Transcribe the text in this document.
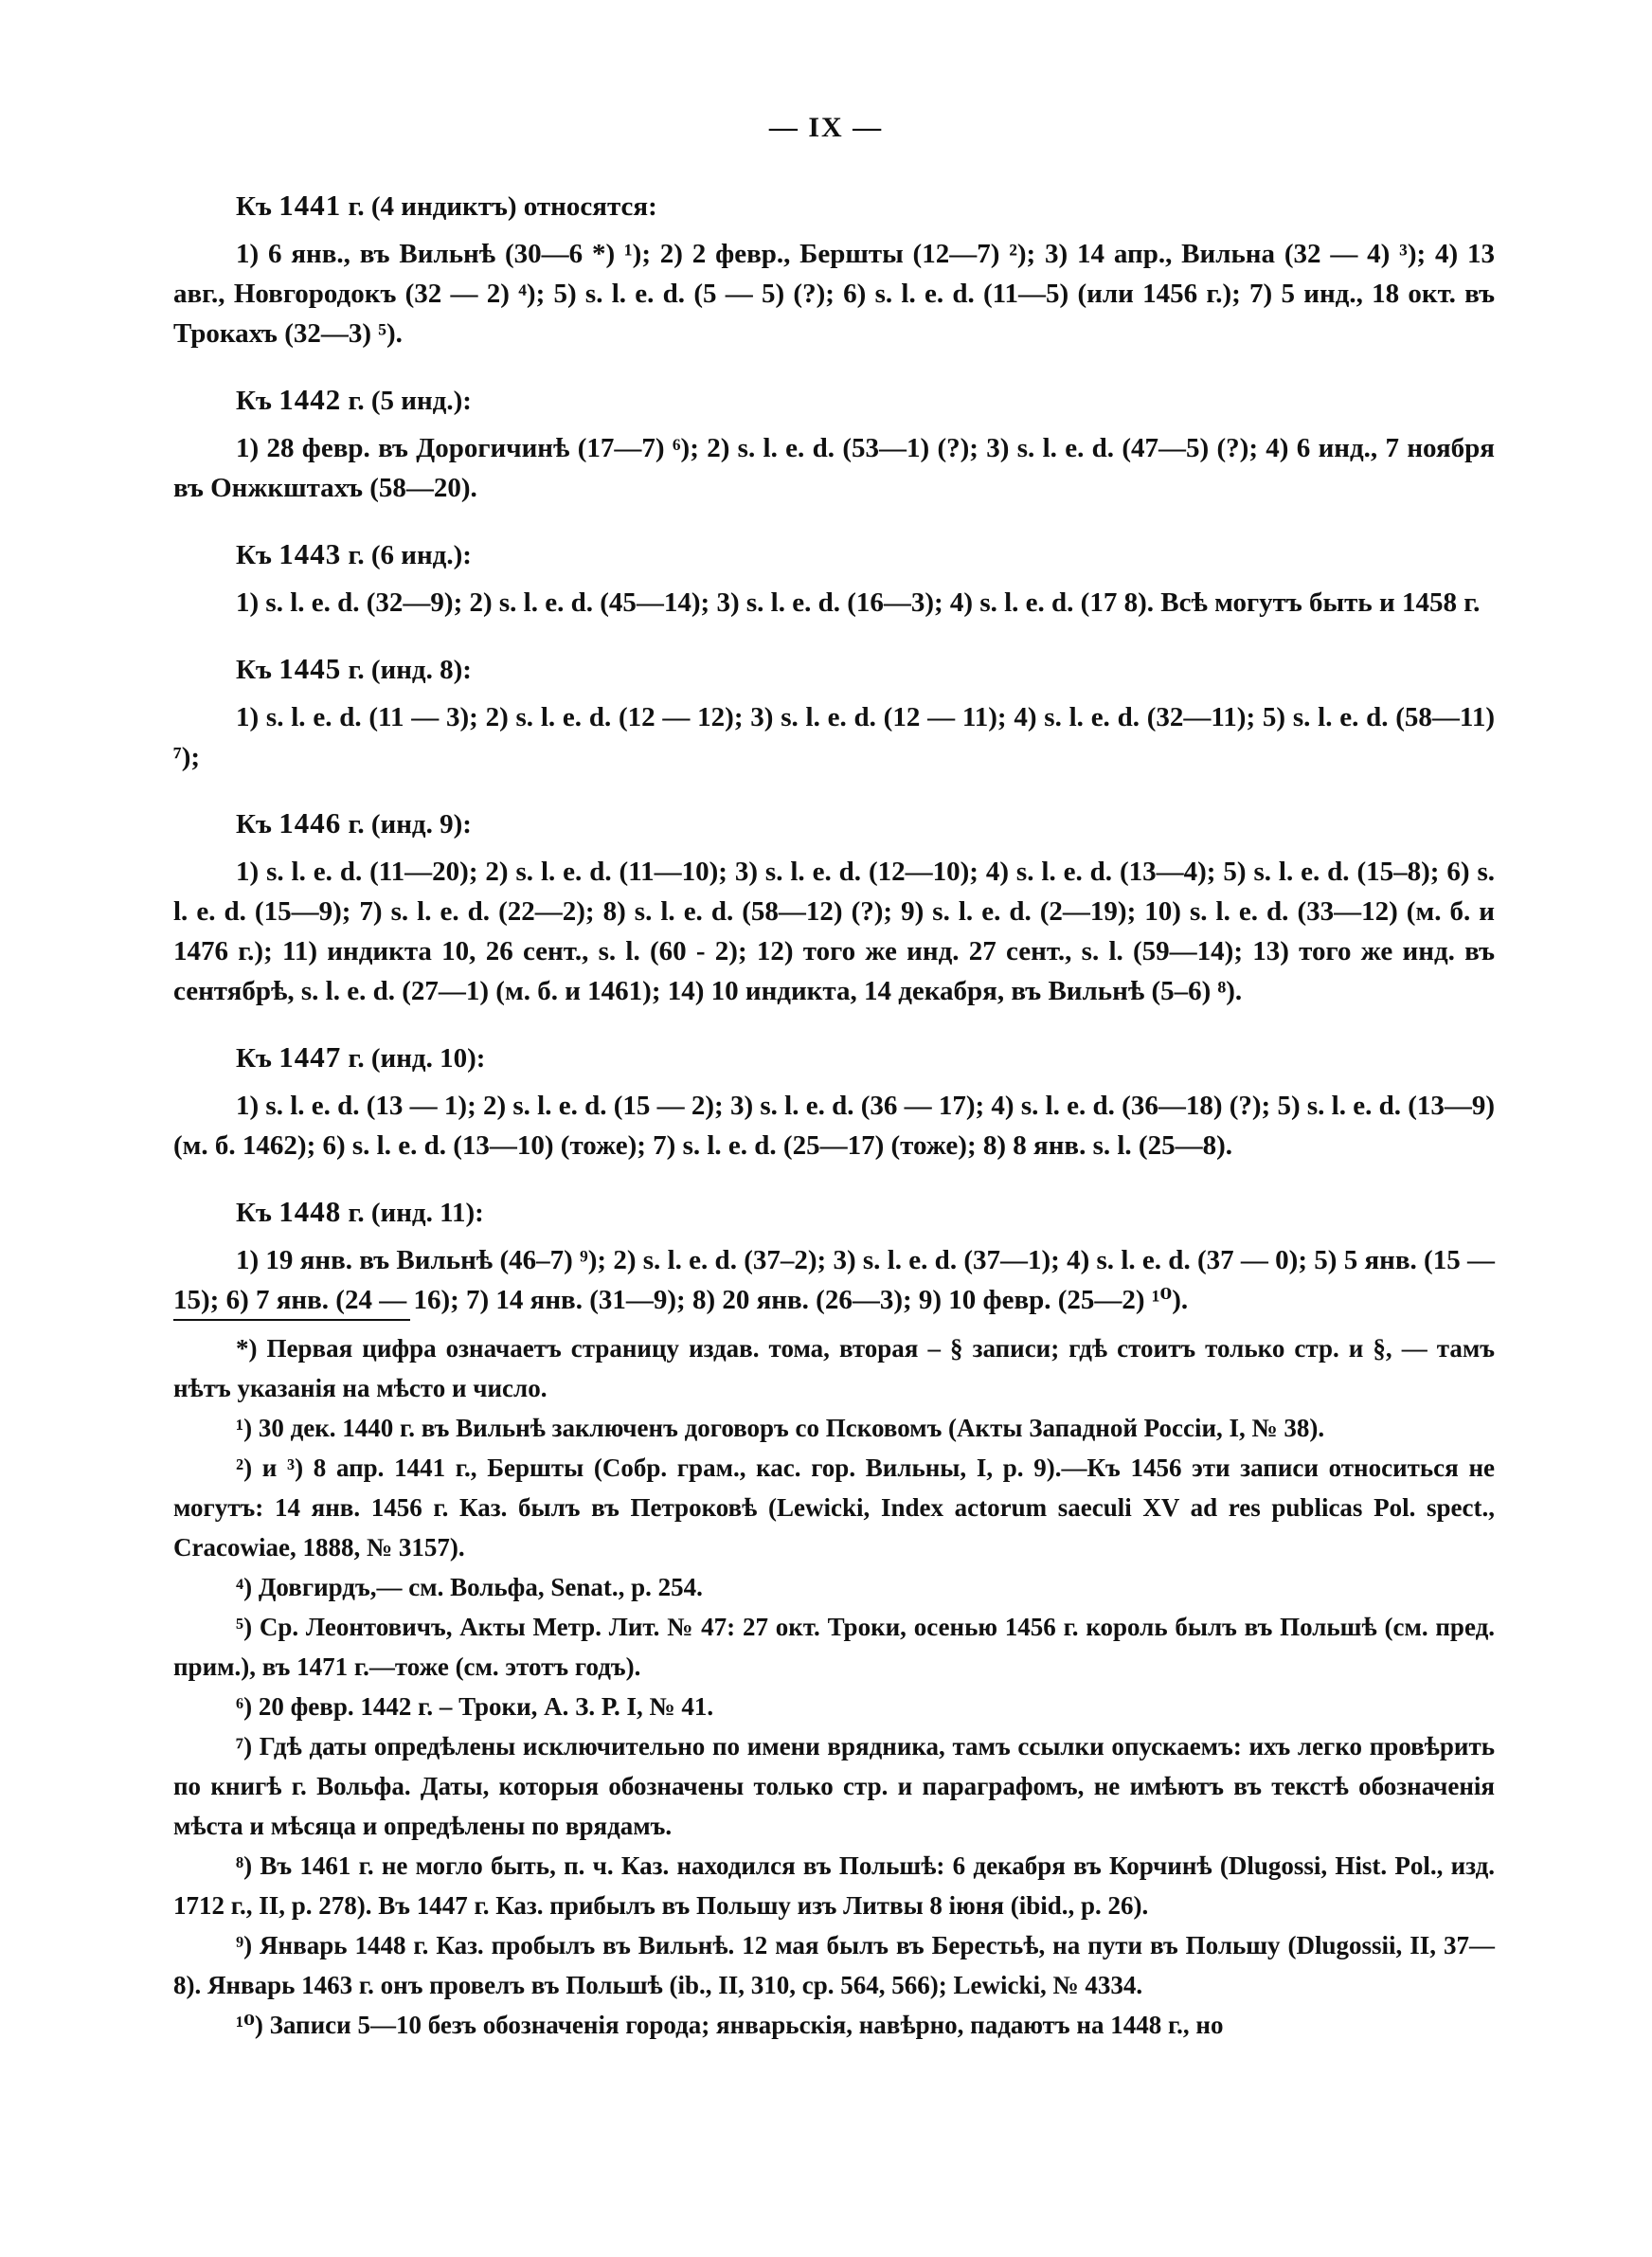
— IX —
Къ 1441 г. (4 индиктъ) относятся:

1) 6 янв., въ Вильнѣ (30—6 *) ¹); 2) 2 февр., Бершты (12—7) ²); 3) 14 апр., Вильна (32 — 4) ³); 4) 13 авг., Новгородокъ (32 — 2) ⁴); 5) s. l. e. d. (5 — 5) (?); 6) s. l. e. d. (11—5) (или 1456 г.); 7) 5 инд., 18 окт. въ Трокахъ (32—3) ⁵).

Къ 1442 г. (5 инд.):

1) 28 февр. въ Дорогичинѣ (17—7) ⁶); 2) s. l. e. d. (53—1) (?); 3) s. l. e. d. (47—5) (?); 4) 6 инд., 7 ноября въ Онжкштахъ (58—20).

Къ 1443 г. (6 инд.):

1) s. l. e. d. (32—9); 2) s. l. e. d. (45—14); 3) s. l. e. d. (16—3); 4) s. l. e. d. (17 8). Всѣ могутъ быть и 1458 г.

Къ 1445 г. (инд. 8):

1) s. l. e. d. (11 — 3); 2) s. l. e. d. (12 — 12); 3) s. l. e. d. (12 — 11); 4) s. l. e. d. (32—11); 5) s. l. e. d. (58—11) ⁷);

Къ 1446 г. (инд. 9):

1) s. l. e. d. (11—20); 2) s. l. e. d. (11—10); 3) s. l. e. d. (12—10); 4) s. l. e. d. (13—4); 5) s. l. e. d. (15–8); 6) s. l. e. d. (15—9); 7) s. l. e. d. (22—2); 8) s. l. e. d. (58—12) (?); 9) s. l. e. d. (2—19); 10) s. l. e. d. (33—12) (м. б. и 1476 г.); 11) индикта 10, 26 сент., s. l. (60 - 2); 12) того же инд. 27 сент., s. l. (59—14); 13) того же инд. въ сентябрѣ, s. l. e. d. (27—1) (м. б. и 1461); 14) 10 индикта, 14 декабря, въ Вильнѣ (5–6) ⁸).

Къ 1447 г. (инд. 10):

1) s. l. e. d. (13 — 1); 2) s. l. e. d. (15 — 2); 3) s. l. e. d. (36 — 17); 4) s. l. e. d. (36—18) (?); 5) s. l. e. d. (13—9) (м. б. 1462); 6) s. l. e. d. (13—10) (тоже); 7) s. l. e. d. (25—17) (тоже); 8) 8 янв. s. l. (25—8).

Къ 1448 г. (инд. 11):

1) 19 янв. въ Вильнѣ (46–7) ⁹); 2) s. l. e. d. (37–2); 3) s. l. e. d. (37—1); 4) s. l. e. d. (37 — 0); 5) 5 янв. (15 — 15); 6) 7 янв. (24 — 16); 7) 14 янв. (31—9); 8) 20 янв. (26—3); 9) 10 февр. (25—2) ¹⁰).

*) Первая цифра означаетъ страницу издав. тома, вторая – § записи; гдѣ стоитъ только стр. и §, — тамъ нѣтъ указанія на мѣсто и число.

¹) 30 дек. 1440 г. въ Вильнѣ заключенъ договоръ со Псковомъ (Акты Западной Россіи, I, № 38).

²) и ³) 8 апр. 1441 г., Бершты (Собр. грам., кас. гор. Вильны, I, p. 9).—Къ 1456 эти записи относиться не могутъ: 14 янв. 1456 г. Каз. былъ въ Петроковѣ (Lewicki, Index actorum saeculi XV ad res publicas Pol. spect., Cracowiae, 1888, № 3157).

⁴) Довгирдъ,— см. Вольфа, Senat., p. 254.

⁵) Ср. Леонтовичъ, Акты Метр. Лит. № 47: 27 окт. Троки, осенью 1456 г. король былъ въ Польшѣ (см. пред. прим.), въ 1471 г.—тоже (см. этотъ годъ).

⁶) 20 февр. 1442 г. – Троки, А. З. Р. I, № 41.

⁷) Гдѣ даты опредѣлены исключительно по имени врядника, тамъ ссылки опускаемъ: ихъ легко провѣрить по книгѣ г. Вольфа. Даты, которыя обозначены только стр. и параграфомъ, не имѣютъ въ текстѣ обозначенія мѣста и мѣсяца и опредѣлены по врядамъ.

⁸) Въ 1461 г. не могло быть, п. ч. Каз. находился въ Польшѣ: 6 декабря въ Корчинѣ (Dlugossi, Hist. Pol., изд. 1712 г., II, p. 278). Въ 1447 г. Каз. прибылъ въ Польшу изъ Литвы 8 іюня (ibid., p. 26).

⁹) Январь 1448 г. Каз. пробылъ въ Вильнѣ. 12 мая былъ въ Берестьѣ, на пути въ Польшу (Dlugossii, II, 37—8). Январь 1463 г. онъ провелъ въ Польшѣ (ib., II, 310, ср. 564, 566); Lewicki, № 4334.

¹⁰) Записи 5—10 безъ обозначенія города; январьскія, навѣрно, падаютъ на 1448 г., но
